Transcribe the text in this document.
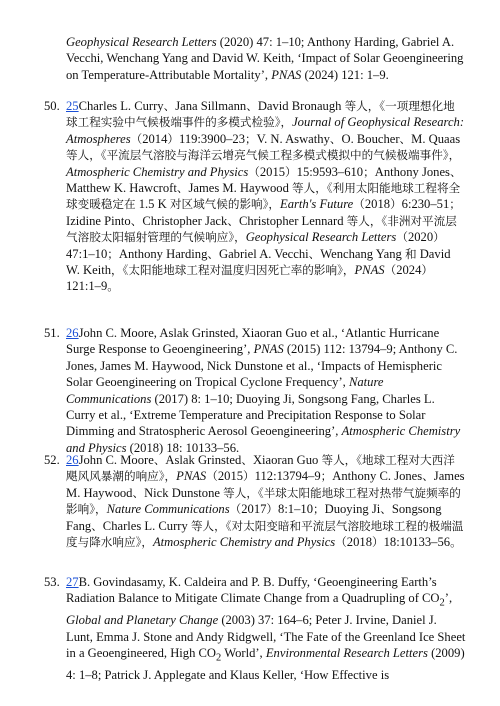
Geophysical Research Letters (2020) 47: 1–10; Anthony Harding, Gabriel A. Vecchi, Wenchang Yang and David W. Keith, ‘Impact of Solar Geoengineering on Temperature-Attributable Mortality’, PNAS (2024) 121: 1–9.
50. 25Charles L. Curry、Jana Sillmann、David Bronaugh 等人，《一项理想化地球工程实验中气候极端事件的多模式检验》，Journal of Geophysical Research: Atmospheres（2014）119:3900–23；V. N. Aswathy、O. Boucher、M. Quaas 等人，《平流层气溶胶与海洋云增亮气候工程多模式模拟中的气候极端事件》，Atmospheric Chemistry and Physics（2015）15:9593–610；Anthony Jones、Matthew K. Hawcroft、James M. Haywood 等人，《利用太阳能地球工程将全球变暖稳定在 1.5 K 对区域气候的影响》，Earth's Future（2018）6:230–51；Izidine Pinto、Christopher Jack、Christopher Lennard 等人，《非洲对平流层气溶胶太阳辐射管理的气候响应》，Geophysical Research Letters（2020）47:1–10；Anthony Harding、Gabriel A. Vecchi、Wenchang Yang 和 David W. Keith，《太阳能地球工程对温度归因死亡率的影响》，PNAS（2024）121:1–9。
51. 26John C. Moore, Aslak Grinsted, Xiaoran Guo et al., ‘Atlantic Hurricane Surge Response to Geoengineering’, PNAS (2015) 112: 13794–9; Anthony C. Jones, James M. Haywood, Nick Dunstone et al., ‘Impacts of Hemispheric Solar Geoengineering on Tropical Cyclone Frequency’, Nature Communications (2017) 8: 1–10; Duoying Ji, Songsong Fang, Charles L. Curry et al., ‘Extreme Temperature and Precipitation Response to Solar Dimming and Stratospheric Aerosol Geoengineering’, Atmospheric Chemistry and Physics (2018) 18: 10133–56.
52. 26John C. Moore、Aslak Grinsted、Xiaoran Guo 等人，《地球工程对大西洋飓风风暴潮的响应》，PNAS（2015）112:13794–9；Anthony C. Jones、James M. Haywood、Nick Dunstone 等人，《半球太阳能地球工程对热带气旋频率的影响》，Nature Communications（2017）8:1–10；Duoying Ji、Songsong Fang、Charles L. Curry 等人，《对太阳变暗和平流层气溶胶地球工程的极端温度与降水响应》，Atmospheric Chemistry and Physics（2018）18:10133–56。
53. 27B. Govindasamy, K. Caldeira and P. B. Duffy, ‘Geoengineering Earth’s Radiation Balance to Mitigate Climate Change from a Quadrupling of $CO_2$’, Global and Planetary Change (2003) 37: 164–6; Peter J. Irvine, Daniel J. Lunt, Emma J. Stone and Andy Ridgwell, ‘The Fate of the Greenland Ice Sheet in a Geoengineered, High $CO_2$ World’, Environmental Research Letters (2009) 4: 1–8; Patrick J. Applegate and Klaus Keller, ‘How Effective is
